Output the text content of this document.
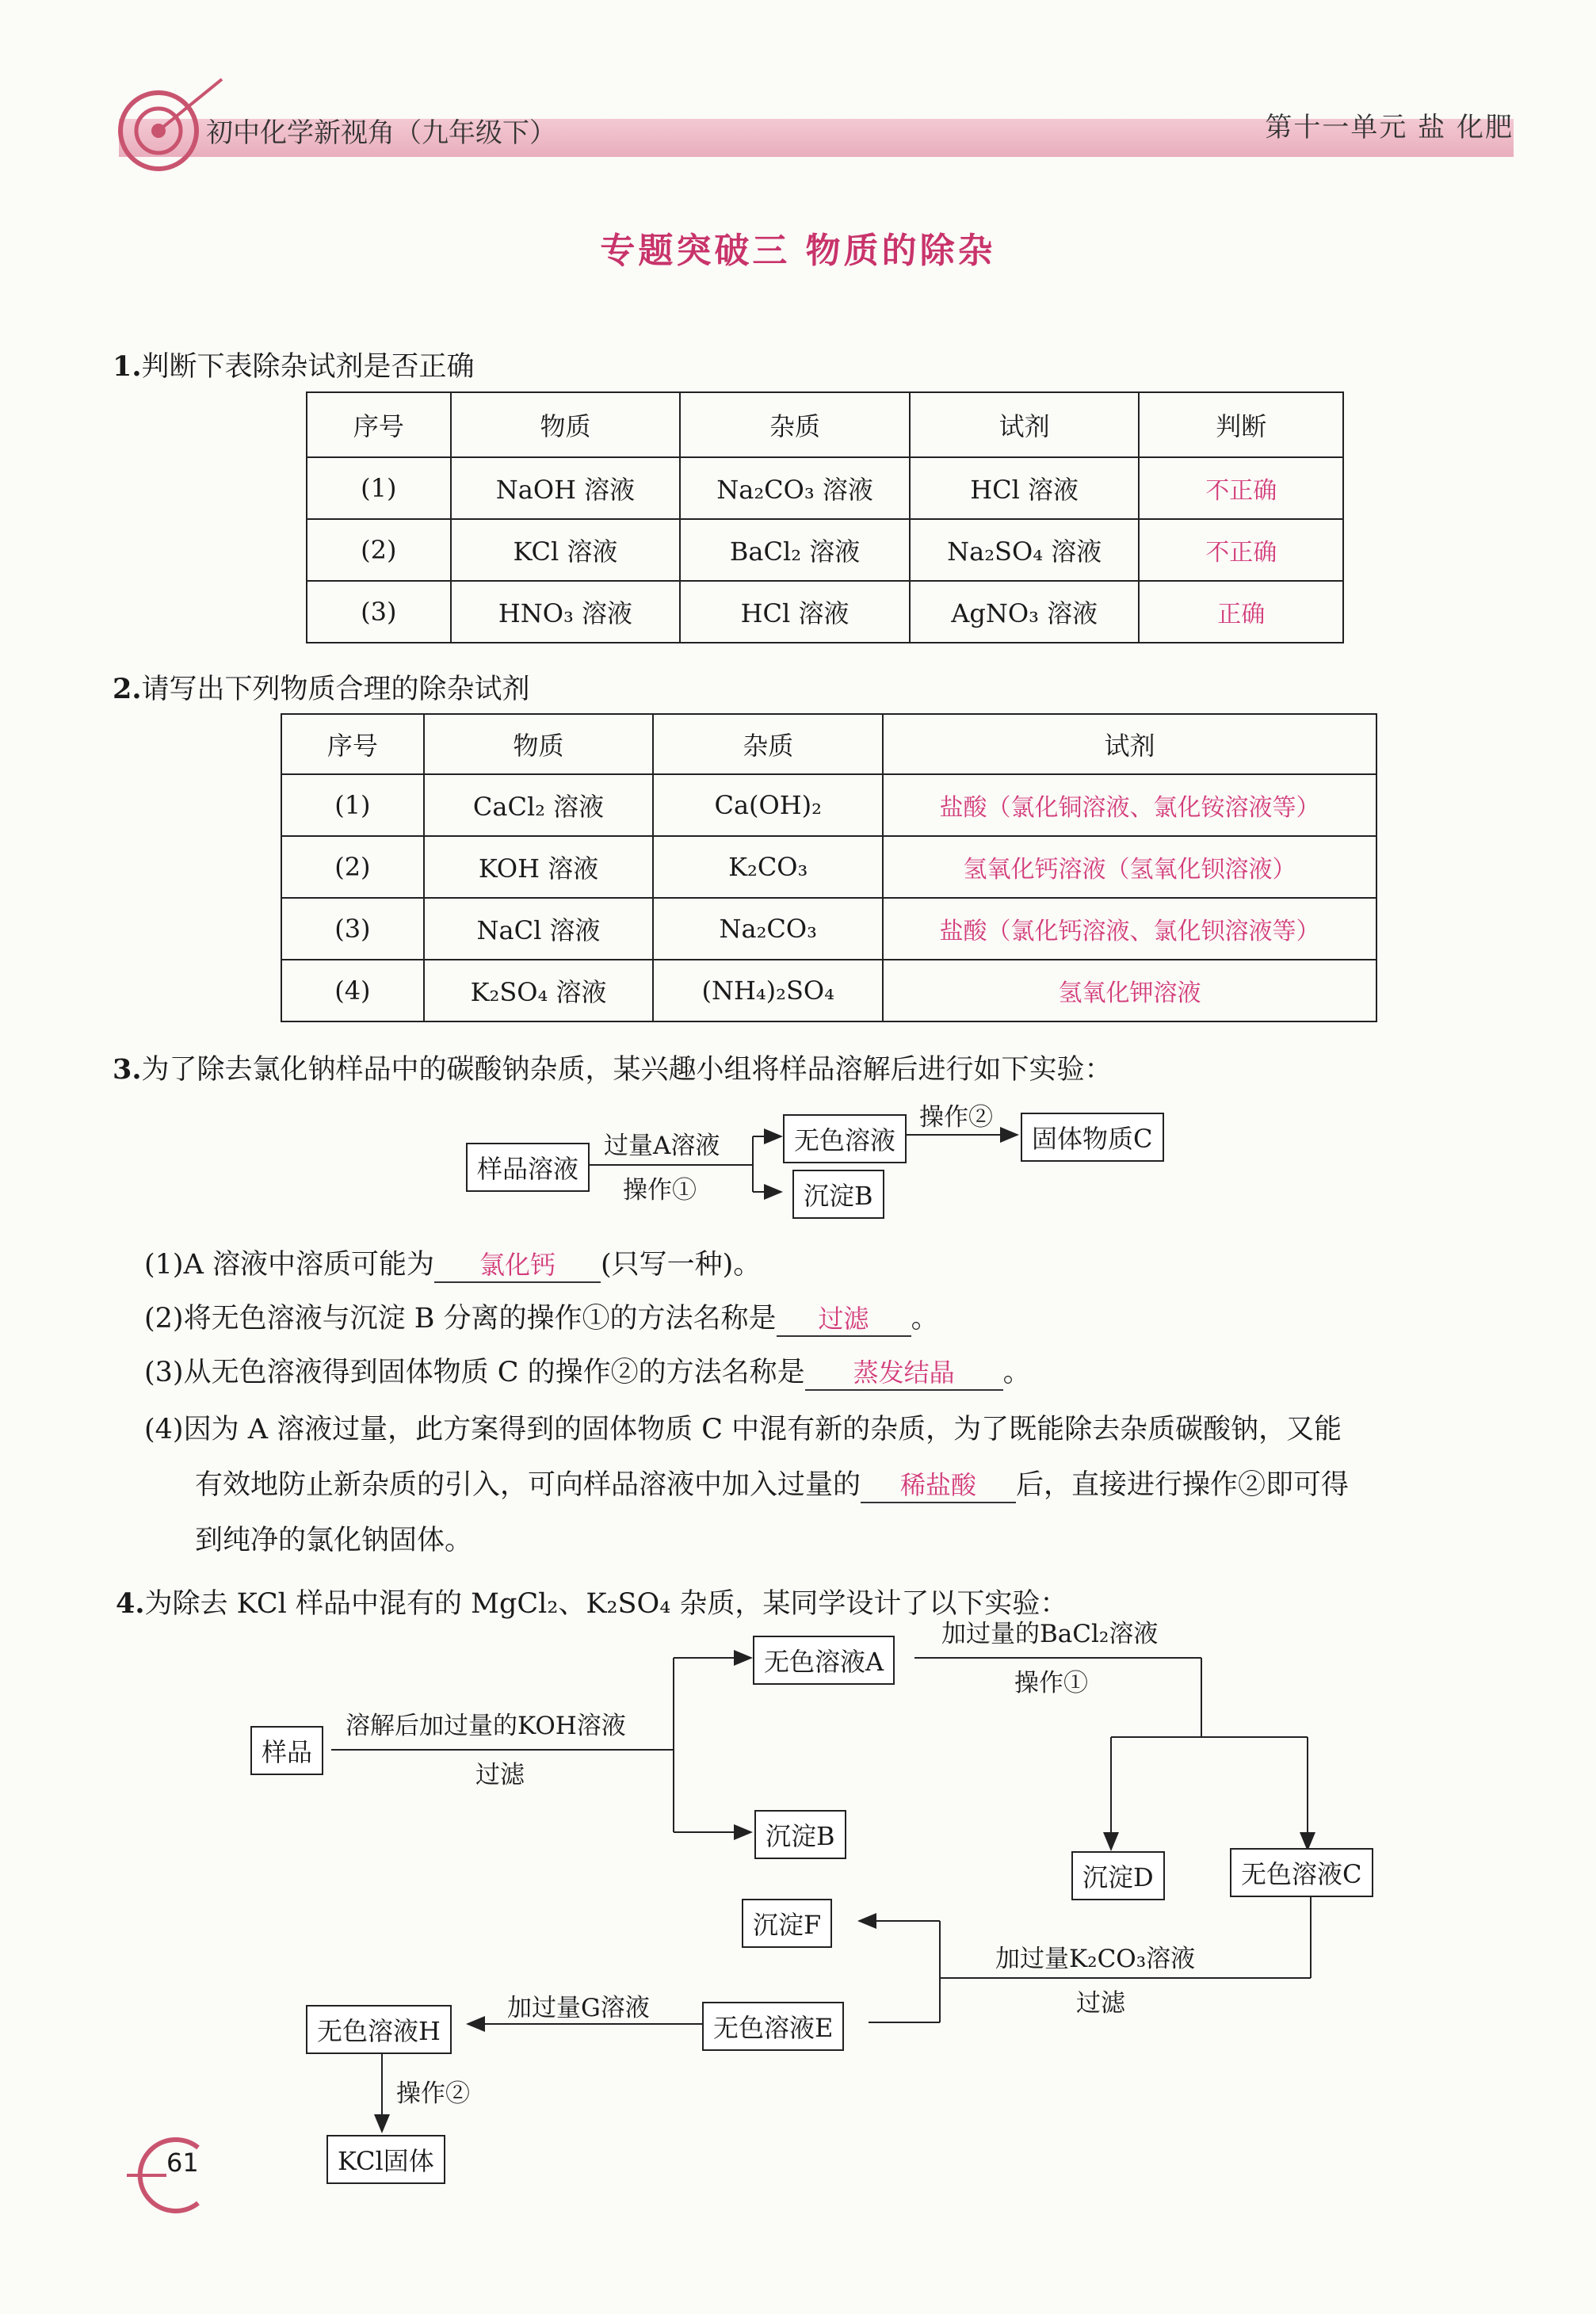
初中化学新视角（九年级下）	第十一单元 盐 化肥
专题突破三 物质的除杂
1.判断下表除杂试剂是否正确
序号	物质	杂质	试剂	判断
(1)	NaOH 溶液	Na₂CO₃ 溶液	HCl 溶液	不正确
(2)	KCl 溶液	BaCl₂ 溶液	Na₂SO₄ 溶液	不正确
(3)	HNO₃ 溶液	HCl 溶液	AgNO₃ 溶液	正确
2.请写出下列物质合理的除杂试剂
序号	物质	杂质	试剂
(1)	CaCl₂ 溶液	Ca(OH)₂	盐酸（氯化铜溶液、氯化铵溶液等）
(2)	KOH 溶液	K₂CO₃	氢氧化钙溶液（氢氧化钡溶液）
(3)	NaCl 溶液	Na₂CO₃	盐酸（氯化钙溶液、氯化钡溶液等）
(4)	K₂SO₄ 溶液	(NH₄)₂SO₄	氢氧化钾溶液
3.为了除去氯化钠样品中的碳酸钠杂质，某兴趣小组将样品溶解后进行如下实验：
样品溶液
过量A溶液
操作①
无色溶液
沉淀B
操作②
固体物质C
(1)A 溶液中溶质可能为 氯化钙 (只写一种)。
(2)将无色溶液与沉淀 B 分离的操作①的方法名称是 过滤 。
(3)从无色溶液得到固体物质 C 的操作②的方法名称是 蒸发结晶 。
(4)因为 A 溶液过量，此方案得到的固体物质 C 中混有新的杂质，为了既能除去杂质碳酸钠，又能
有效地防止新杂质的引入，可向样品溶液中加入过量的 稀盐酸 后，直接进行操作②即可得
到纯净的氯化钠固体。
4.为除去 KCl 样品中混有的 MgCl₂、K₂SO₄ 杂质，某同学设计了以下实验：
样品
溶解后加过量的KOH溶液
过滤
无色溶液A
沉淀B
加过量的BaCl₂溶液
操作①
沉淀D	无色溶液C
加过量K₂CO₃溶液
过滤
沉淀F
无色溶液E
加过量G溶液
无色溶液H
操作②
KCl固体
61
